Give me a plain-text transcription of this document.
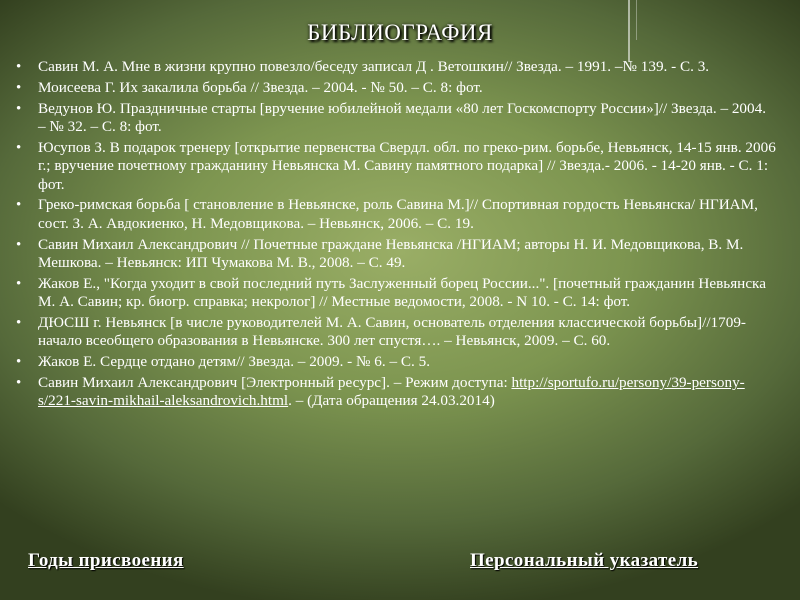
БИБЛИОГРАФИЯ
• Савин М. А. Мне в жизни крупно повезло/беседу записал Д . Ветошкин// Звезда. – 1991. –№ 139. - С. 3.
• Моисеева Г. Их закалила борьба // Звезда. – 2004. - № 50. – С. 8: фот.
• Ведунов Ю. Праздничные старты [вручение юбилейной медали «80 лет Госкомспорту России»]// Звезда. – 2004. – № 32. – С. 8: фот.
• Юсупов З. В подарок тренеру [открытие первенства Свердл. обл. по греко-рим. борьбе, Невьянск, 14-15 янв. 2006 г.; вручение почетному гражданину Невьянска М. Савину памятного подарка] // Звезда.- 2006. - 14-20 янв. - С. 1: фот.
• Греко-римская борьба [ становление в Невьянске, роль Савина М.]// Спортивная гордость Невьянска/ НГИАМ, сост. З. А. Авдокиенко, Н. Медовщикова. – Невьянск, 2006. – С. 19.
• Савин Михаил Александрович // Почетные граждане Невьянска /НГИАМ; авторы Н. И. Медовщикова, В. М. Мешкова. – Невьянск: ИП Чумакова М. В., 2008. – С. 49.
• Жаков Е., "Когда уходит в свой последний путь Заслуженный борец России...". [почетный гражданин Невьянска М. А. Савин; кр. биогр. справка; некролог] // Местные ведомости, 2008. - N 10. - С. 14: фот.
• ДЮСШ г. Невьянск [в числе руководителей М. А. Савин, основатель отделения классической борьбы]//1709- начало всеобщего образования в Невьянске. 300 лет спустя…. – Невьянск, 2009. – С. 60.
• Жаков Е. Сердце отдано детям// Звезда. – 2009. - № 6. – С. 5.
• Савин Михаил Александрович [Электронный ресурс]. – Режим доступа: http://sportufo.ru/persony/39-persony-s/221-savin-mikhail-aleksandrovich.html. – (Дата обращения 24.03.2014)
Годы присвоения	Персональный указатель
